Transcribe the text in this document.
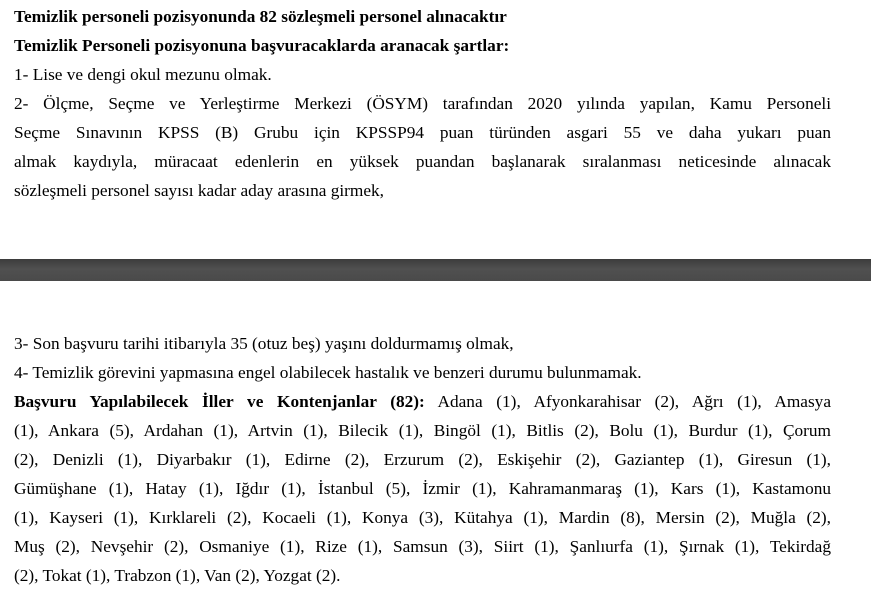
Temizlik personeli pozisyonunda 82 sözleşmeli personel alınacaktır
Temizlik Personeli pozisyonuna başvuracaklarda aranacak şartlar:
1- Lise ve dengi okul mezunu olmak.
2- Ölçme, Seçme ve Yerleştirme Merkezi (ÖSYM) tarafından 2020 yılında yapılan, Kamu Personeli
Seçme Sınavının KPSS (B) Grubu için KPSSP94 puan türünden asgari 55 ve daha yukarı puan
almak kaydıyla, müracaat edenlerin en yüksek puandan başlanarak sıralanması neticesinde alınacak
sözleşmeli personel sayısı kadar aday arasına girmek,
3- Son başvuru tarihi itibarıyla 35 (otuz beş) yaşını doldurmamış olmak,
4- Temizlik görevini yapmasına engel olabilecek hastalık ve benzeri durumu bulunmamak.
Başvuru Yapılabilecek İller ve Kontenjanlar (82): Adana (1), Afyonkarahisar (2), Ağrı (1), Amasya
(1), Ankara (5), Ardahan (1), Artvin (1), Bilecik (1), Bingöl (1), Bitlis (2), Bolu (1), Burdur (1), Çorum
(2), Denizli (1), Diyarbakır (1), Edirne (2), Erzurum (2), Eskişehir (2), Gaziantep (1), Giresun (1),
Gümüşhane (1), Hatay (1), Iğdır (1), İstanbul (5), İzmir (1), Kahramanmaraş (1), Kars (1), Kastamonu
(1), Kayseri (1), Kırklareli (2), Kocaeli (1), Konya (3), Kütahya (1), Mardin (8), Mersin (2), Muğla (2),
Muş (2), Nevşehir (2), Osmaniye (1), Rize (1), Samsun (3), Siirt (1), Şanlıurfa (1), Şırnak (1), Tekirdağ
(2), Tokat (1), Trabzon (1), Van (2), Yozgat (2).
